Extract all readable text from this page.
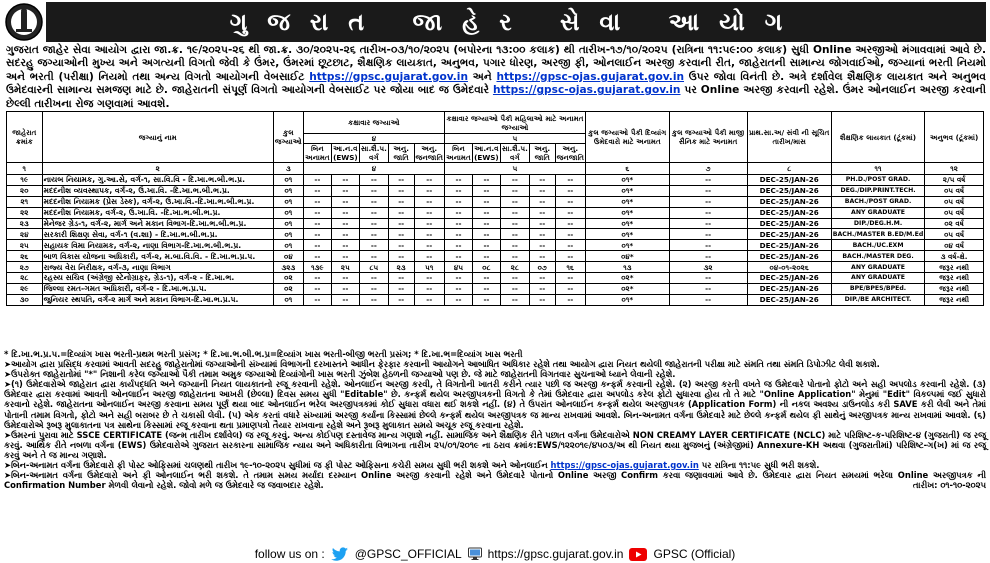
ગુજરાત જાહેર સેવા આયોગ
ગુજરાત જાહેર સેવા આયોગ દ્વારા જા.ક્ર. ૧૯/૨૦૨૫-૨૬ થી જા.ક્ર. ૩૦/૨૦૨૫-૨૬ તારીખ-૦૩/૧૦/૨૦૨૫ (બપોરના ૧૩:૦૦ કલાક) થી તારીખ-૧૭/૧૦/૨૦૨૫ (રાત્રિના ૧૧:૫૯:૦૦ કલાક) સુધી Online અરજીઓ મંગાવવામાં આવે છે. સદરહુ જગ્યાઓની મુખ્ય અને અગત્યની વિગતો જેવી કે ઉંમર, ઉંમરમાં છૂટછાટ, શૈક્ષણિક લાયકાત, અનુભવ, પગાર ધોરણ, અરજી ફી, ઓનલાઈન અરજી કરવાની રીત, જાહેરાતની સામાન્ય જોગવાઈઓ, જગ્યાનાં ભરતી નિયમો અને ભરતી (પરીક્ષા) નિયમો તથા અન્ય વિગતો આયોગની વેબસાઈટ https://gpsc.gujarat.gov.in અને https://gpsc-ojas.gujarat.gov.in ઉપર જોવા વિનંતી છે. અત્રે દર્શાવેલ શૈક્ષણિક લાયકાત અને અનુભવ ઉમેદવારની સામાન્ય સમજણ માટે છે. જાહેરાતની સંપૂર્ણ વિગતો આયોગની વેબસાઈટ પર જોયા બાદ જ ઉમેદવારે https://gpsc-ojas.gujarat.gov.in પર Online અરજી કરવાની રહેશે. ઉંમર ઓનલાઈન અરજી કરવાની છેલ્લી તારીખના રોજ ગણવામાં આવશે.
જાહેરાત ક્રમાંક	જગ્યાનું નામ	કુલ જગ્યાઓ	કક્ષાવાર જગ્યાઓ					કક્ષાવાર જગ્યાઓ પૈકી મહિલાઓ માટે અનામત જગ્યાઓ					કુલ જગ્યાઓ પૈકી દિવ્યાંગ ઉમેદવારો માટે અનામત	કુલ જગ્યાઓ પૈકી માજી સૈનિક માટે અનામત	પ્રાથ.સા.અ/ સંવી ની સૂચિત તારીખ/માસ	શૈક્ષણિક લાયકાત (ટૂંકમાં)	અનુભવ (ટૂંકમાં)
			૪					૫									
			બિન અનામત	આ.ન.વ (EWS)	સા.શૈ.પ. વર્ગ	અનુ. જાતિ	અનુ. જનજાતિ	બિન અનામત	આ.ન.વ (EWS)	સા.શૈ.પ. વર્ગ	અનુ. જાતિ	અનુ. જનજાતિ					
૧	૨	૩	૪					૫					૬	૭	૮	૧૧	૧૨
૧૯	નાયબ નિયામક, ગુ.આ.સે, વર્ગ-૧, સા.વિ.વિ - દિ.ખા.ભ.બી.ભ.પ્ર.	૦૧	--	--	--	--	--	--	--	--	--	--	૦૧*	--	DEC-25/JAN-26	PH.D./POST GRAD.	૨/૫ વર્ષ
૨૦	મદદનીશ વ્યવસ્થાપક, વર્ગ-૨, ઉ.ખા.વિ. -દિ.ખા.ભ.બી.ભ.પ્ર.	૦૧	--	--	--	--	--	--	--	--	--	--	૦૧*	--	DEC-25/JAN-26	DEG./DIP.PRINT.TECH.	૦૫ વર્ષ
૨૧	મદદનીશ નિયામક (પ્રેસ ડેસ્ક), વર્ગ-૨, ઉ.ખા.વિ.-દિ.ખા.ભ.બી.ભ.પ્ર.	૦૧	--	--	--	--	--	--	--	--	--	--	૦૧*	--	DEC-25/JAN-26	BACH./POST GRAD.	૦૫ વર્ષ
૨૨	મદદનીશ નિયામક, વર્ગ-૨, ઉ.ખા.વિ. -દિ.ખા.ભ.બી.ભ.પ્ર.	૦૧	--	--	--	--	--	--	--	--	--	--	૦૧*	--	DEC-25/JAN-26	ANY GRADUATE	૦૫ વર્ષ
૨૩	મેનેજર ગ્રેડ-૧, વર્ગ-૨, માર્ગ અને મકાન વિભાગ-દિ.ખા.ભ.બી.ભ.પ્ર.	૦૧	--	--	--	--	--	--	--	--	--	--	૦૧*	--	DEC-25/JAN-26	DIP./DEG.H.M.	૦૨ વર્ષ
૨૪	સરકારી શિક્ષણ સેવા, વર્ગ-૧ (વ.શા) - દિ.ખા.ભ.બી.ભ.પ્ર.	૦૧	--	--	--	--	--	--	--	--	--	--	૦૧*	--	DEC-25/JAN-26	BACH./MASTER B.ED/M.Ed	૦૫ વર્ષ
૨૫	સહાયક વિમા નિયામક, વર્ગ-૨, નાણા વિભાગ-દિ.ખા.ભ.બી.ભ.પ્ર.	૦૧	--	--	--	--	--	--	--	--	--	--	૦૧*	--	DEC-25/JAN-26	BACH./UC.EXM	૦૪ વર્ષ
૨૬	બાળ વિકાસ યોજના અધિકારી, વર્ગ-૨, મ.બા.વિ.વિ. - દિ.ખા.ભ.પ્ર.પ.	૦૪	--	--	--	--	--	--	--	--	--	--	૦૪*	--	DEC-25/JAN-26	BACH./MASTER DEG.	૩ વર્ષ-ક્ષે.
૨૭	રાજ્ય વેરા નિરીક્ષક, વર્ગ-૩, નાણા વિભાગ	૩૨૩	૧૩૯	૨૫	૮૫	૨૩	૫૧	૪૫	૦૮	૨૮	૦૭	૧૬	૧૩	૩૨	૦૪-૦૧-૨૦૨૬	ANY GRADUATE	જરૂર નથી
૨૮	રહસ્ય સચિવ (અંગ્રેજી સ્ટેનોગ્રાફર, ગ્રેડ-૧), વર્ગ-૨ - દિ.ખા.ભ.	૦૨	--	--	--	--	--	--	--	--	--	--	૦૨*	--	DEC-25/JAN-26	ANY GRADUATE	જરૂર નથી
૨૯	જિલ્લા રમત-ગમત અધિકારી, વર્ગ-૨ - દિ.ખા.ભ.પ્ર.પ.	૦૨	--	--	--	--	--	--	--	--	--	--	૦૨*	--	DEC-25/JAN-26	BPE/BPES/BPEd.	જરૂર નથી
૩૦	જુનિયર સ્થપતિ, વર્ગ-૨ માર્ગ અને મકાન વિભાગ-દિ.ખા.ભ.પ્ર.પ.	૦૧	--	--	--	--	--	--	--	--	--	--	૦૧*	--	DEC-25/JAN-26	DIP./BE ARCHITECT.	જરૂર નથી

* દિ.ખા.ભ.પ્ર.પ.=દિવ્યાંગ ખાસ ભરતી-પ્રથમ ભરતી પ્રસંગ; * દિ.ખા.ભ.બી.ભ.પ્ર=દિવ્યાંગ ખાસ ભરતી-બીજી ભરતી પ્રસંગ; * દિ.ખા.ભ=દિવ્યાંગ ખાસ ભરતી

➤આયોગ દ્વારા પ્રસિદ્ધ કરવામાં આવતી સદરહુ જાહેરાતોમાં જગ્યાઓની સંખ્યામાં વિભાગની દરખાસ્તને આધીન ફેરફાર કરવાની આયોગને આબાધિત અધિકાર રહેશે તથા આયોગ દ્વારા નિયત થયેલી જાહેરાતની પરીક્ષા માટે સંમતિ તથા સંમતિ ડિપોઝીટ લેવી શકાશે.

➤ઉપરોક્ત જાહેરાતોમાં "*" નિશાની કરેલ જગ્યાઓ પૈકી તમામ અમુક જગ્યાઓ દિવ્યાંગોની ખાસ ભરતી ઝુંબેશ હેઠળની જગ્યાઓ પણ છે. જે માટે જાહેરાતની વિગતવાર સુચનાઓ ધ્યાને લેવાની રહેશે.

➤(૧) ઉમેદવારોએ જાહેરાત દ્વારા કાર્યપદ્ધતિ અને જગ્યાની નિયત લાયકાતનો રજૂ કરવાની રહેશે. ઓનલાઈન અરજી કરવી, તે વિગતોની ખાતરી કરીને ત્યાર પછી જ અરજી કન્ફર્મ કરવાની રહેશે. (૨) અરજી કરતી વખતે જ ઉમેદવારે પોતાનો ફોટો અને સહી અપલોડ કરવાની રહેશે. (૩) ઉમેદવાર દ્વારા કરવામાં આવતી ઓનલાઈન અરજી જાહેરાતના આખરી (છેલ્લા) દિવસ સમય સુધી "Editable" છે. કન્ફર્મ થયેલ અરજીપત્રકની વિગતો કે તેમાં ઉમેદવાર દ્વારા અપલોડ કરેલ ફોટો સુધારવા હોય તો તે માટે "Online Application" મેનુમાં "Edit" વિકલ્પમાં જઈ સુધારો કરવાનો રહેશે. જાહેરાતના ઓનલાઈન અરજી કરવાના સમય પૂર્ણ થયા બાદ ઓનલાઈન ભરેલ અરજીપત્રકમાં કોઈ સુધારા વધારા થઈ શકશે નહીં. (૪) તે ઉપરાંત ઓનલાઈન કન્ફર્મ થયેલ અરજીપત્રક (Application Form) ની નકલ અવશ્ય ડાઉનલોડ કરી SAVE કરી લેવી અને તેમાં પોતાની તમામ વિગતો, ફોટો અને સહી બરાબર છે તે ચકાસી લેવી. (૫) એક કરતાં વધારે સંખ્યામાં અરજી કર્યાના કિસ્સામાં છેલ્લે કન્ફર્મ થયેલ અરજીપત્રક જ માન્ય રાખવામાં આવશે. બિન-અનામત વર્ગના ઉમેદવારે માટે છેલ્લે કન્ફર્મ થયેલ ફી સાથેનું અરજીપત્રક માન્ય રાખવામાં આવશે. (૬) ઉમેદવારોએ રૂબરૂ મુલાકાતના પત્ર સાથેના કિસ્સામાં રજૂ કરવાના થતા પ્રમાણપત્રો તૈયાર રાખવાના રહેશે અને રૂબરૂ મુલાકાત સમયે અચૂક રજૂ કરવાના રહેશે.

➤ઉમરનાં પુરાવા માટે SSCE CERTIFICATE (જન્મ તારીખ દર્શાવેલ) જ રજૂ કરવું. અન્ય કોઈપણ દસ્તાવેજ માન્ય ગણાશે નહીં. સામાજિક અને શૈક્ષણિક રીતે પછાત વર્ગના ઉમેદવારોએ NON CREAMY LAYER CERTIFICATE (NCLC) માટે પરિશિષ્ટ-ક-પરિશિષ્ટ-૪ (ગુજરાતી) જ રજૂ કરવું. આર્થિક રીતે નબળા વર્ગના (EWS) ઉમેદવારોએ ગુજરાત સરકારના સામાજિક ન્યાય અને અધિકારીતા વિભાગના તારીખ ૨૫/૦૧/૨૦૧૯ ના ઠરાવ ક્રમાંક:EWS/૧૨૨૦૧૯/૪૫૦૩/અ થી નિયત થયા મુજબનું (અંગ્રેજીમાં) Annexure-KH અથવા (ગુજરાતીમાં) પરિશિષ્ટ-ગ(ખ) માં જ રજૂ કરવું અને તે જ માન્ય ગણાશે.

➤બિન-અનામત વર્ગના ઉમેદવારો ફી પોસ્ટ ઓફિસમાં ચલણથી તારીખ ૧૯-૧૦-૨૦૨૫ સુધીમાં જ ફી પોસ્ટ ઓફિસના કચેરી સમય સુધી ભરી શકશે અને ઓનલાઈન https://gpsc-ojas.gujarat.gov.in પર રાત્રિના ૧૧:૫૯ સુધી ભરી શકશે.

➤બિન-અનામત વર્ગના ઉમેદવારો અને ફી ઓનલાઈન ભરી શકશે. તે તમામ સમય મર્યાદા દરમ્યાન Online અરજી કરવાની રહેશે અને ઉમેદવારે પોતાનો Online અરજી Confirm કરવા જણાવવામાં આવે છે. ઉમેદવાર દ્વારા નિયત સમયમાં ભરેલા Online અરજીપત્રક ની Confirmation Number મેળવી લેવાનો રહેશે. જોવો મળે જ ઉમેદવારે જ જવાબદાર રહેશે.	તારીખ: ૦૧-૧૦-૨૦૨૫

follow us on :	@GPSC_OFFICIAL https://gpsc.gujarat.gov.in	GPSC (Official)
